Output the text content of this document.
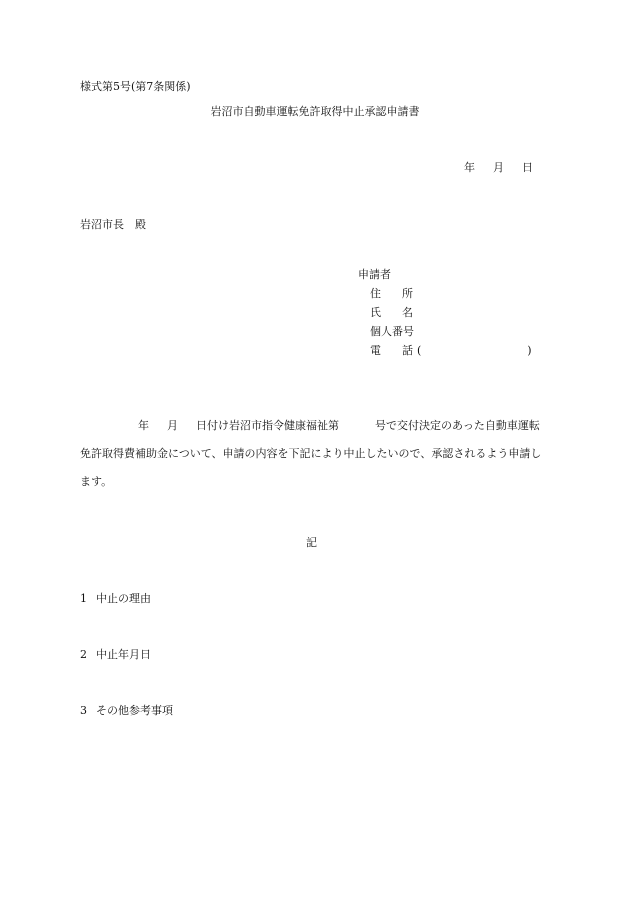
様式第5号(第7条関係)
岩沼市自動車運転免許取得中止承認申請書
年 月 日
岩沼市長　殿
申請者
住 所
氏 名
個人番号
電 話 (	)
年 月 日付け岩沼市指令健康福祉第	号で交付決定のあった自動車運転免許取得費補助金について、申請の内容を下記により中止したいので、承認されるよう申請します。
記
1 中止の理由
2 中止年月日
3 その他参考事項
